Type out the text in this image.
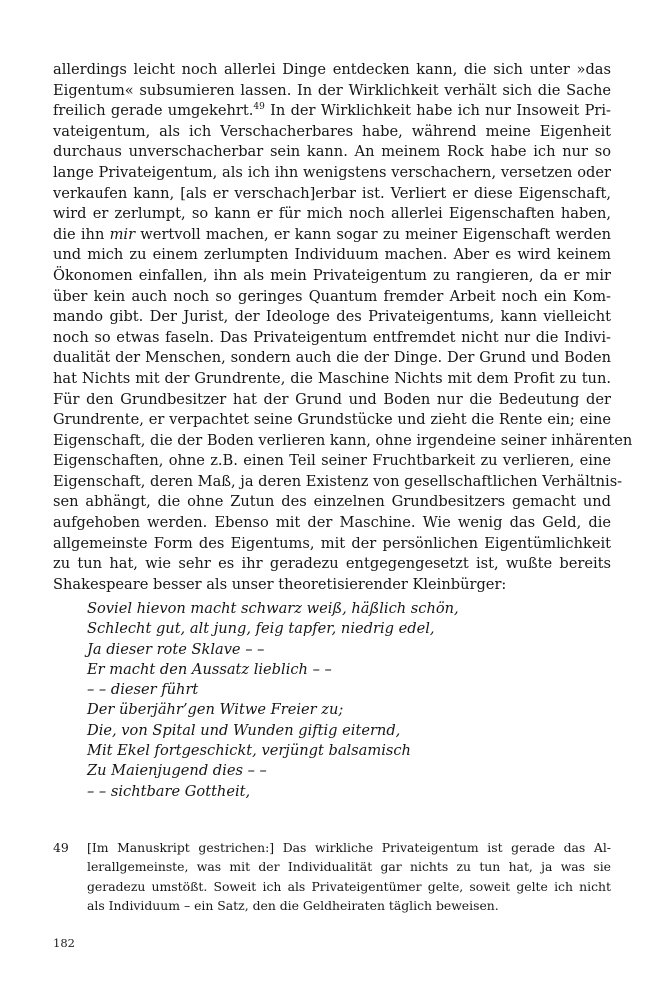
allerdings leicht noch allerlei Dinge entdecken kann, die sich unter »das
Eigentum« subsumieren lassen. In der Wirklichkeit verhält sich die Sache
freilich gerade umgekehrt.$^{49}$ In der Wirklichkeit habe ich nur Insoweit Pri-
vateigentum, als ich Verschacherbares habe, während meine Eigenheit
durchaus unverschacherbar sein kann. An meinem Rock habe ich nur so
lange Privateigentum, als ich ihn wenigstens verschachern, versetzen oder
verkaufen kann, [als er verschach]erbar ist. Verliert er diese Eigenschaft,
wird er zerlumpt, so kann er für mich noch allerlei Eigenschaften haben,
die ihn mir wertvoll machen, er kann sogar zu meiner Eigenschaft werden
und mich zu einem zerlumpten Individuum machen. Aber es wird keinem
Ökonomen einfallen, ihn als mein Privateigentum zu rangieren, da er mir
über kein auch noch so geringes Quantum fremder Arbeit noch ein Kom-
mando gibt. Der Jurist, der Ideologe des Privateigentums, kann vielleicht
noch so etwas faseln. Das Privateigentum entfremdet nicht nur die Indivi-
dualität der Menschen, sondern auch die der Dinge. Der Grund und Boden
hat Nichts mit der Grundrente, die Maschine Nichts mit dem Profit zu tun.
Für den Grundbesitzer hat der Grund und Boden nur die Bedeutung der
Grundrente, er verpachtet seine Grundstücke und zieht die Rente ein; eine
Eigenschaft, die der Boden verlieren kann, ohne irgendeine seiner inhärenten
Eigenschaften, ohne z.B. einen Teil seiner Fruchtbarkeit zu verlieren, eine
Eigenschaft, deren Maß, ja deren Existenz von gesellschaftlichen Verhältnis-
sen abhängt, die ohne Zutun des einzelnen Grundbesitzers gemacht und
aufgehoben werden. Ebenso mit der Maschine. Wie wenig das Geld, die
allgemeinste Form des Eigentums, mit der persönlichen Eigentümlichkeit
zu tun hat, wie sehr es ihr geradezu entgegengesetzt ist, wußte bereits
Shakespeare besser als unser theoretisierender Kleinbürger:
Soviel hievon macht schwarz weiß, häßlich schön,
Schlecht gut, alt jung, feig tapfer, niedrig edel,
Ja dieser rote Sklave – –
Er macht den Aussatz lieblich – –
– – dieser führt
Der überjähr’gen Witwe Freier zu;
Die, von Spital und Wunden giftig eiternd,
Mit Ekel fortgeschickt, verjüngt balsamisch
Zu Maienjugend dies – –
– – sichtbare Gottheit,
49 [Im Manuskript gestrichen:] Das wirkliche Privateigentum ist gerade das Al-
lerallgemeinste, was mit der Individualität gar nichts zu tun hat, ja was sie
geradezu umstößt. Soweit ich als Privateigentümer gelte, soweit gelte ich nicht
als Individuum – ein Satz, den die Geldheiraten täglich beweisen.
182
